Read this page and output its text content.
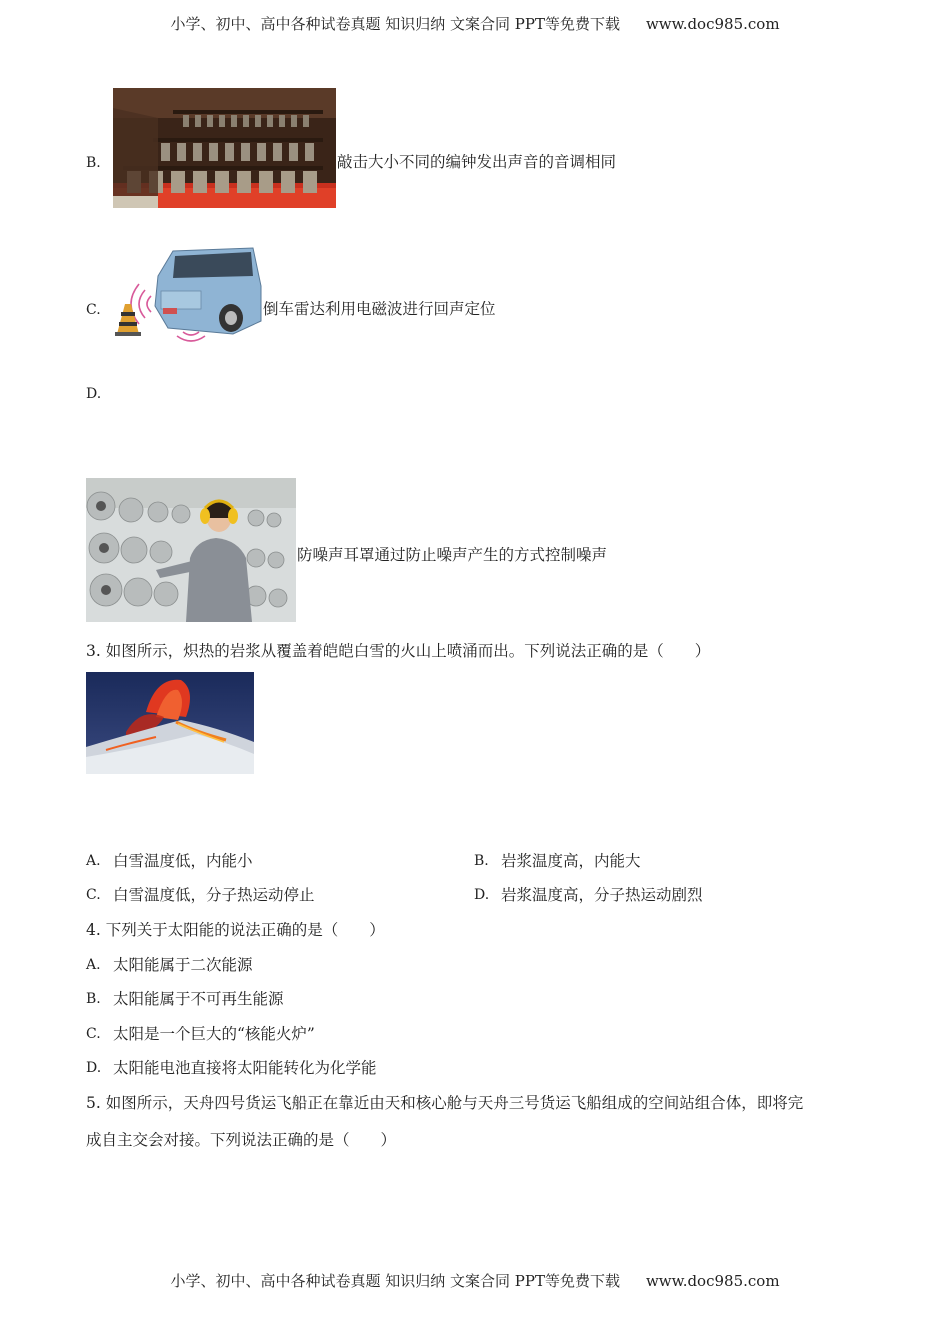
小学、初中、高中各种试卷真题 知识归纳 文案合同 PPT等免费下载 www.doc985.com
B.	敲击大小不同的编钟发出声音的音调相同
C.	倒车雷达利用电磁波进行回声定位
D.
防噪声耳罩通过防止噪声产生的方式控制噪声
3. 如图所示，炽热的岩浆从覆盖着皑皑白雪的火山上喷涌而出。下列说法正确的是（　　）
A. 白雪温度低，内能小	B. 岩浆温度高，内能大
C. 白雪温度低，分子热运动停止	D. 岩浆温度高，分子热运动剧烈
4. 下列关于太阳能的说法正确的是（　　）
A. 太阳能属于二次能源
B. 太阳能属于不可再生能源
C. 太阳是一个巨大的“核能火炉”
D. 太阳能电池直接将太阳能转化为化学能
5. 如图所示，天舟四号货运飞船正在靠近由天和核心舱与天舟三号货运飞船组成的空间站组合体，即将完
成自主交会对接。下列说法正确的是（　　）
小学、初中、高中各种试卷真题 知识归纳 文案合同 PPT等免费下载 www.doc985.com
